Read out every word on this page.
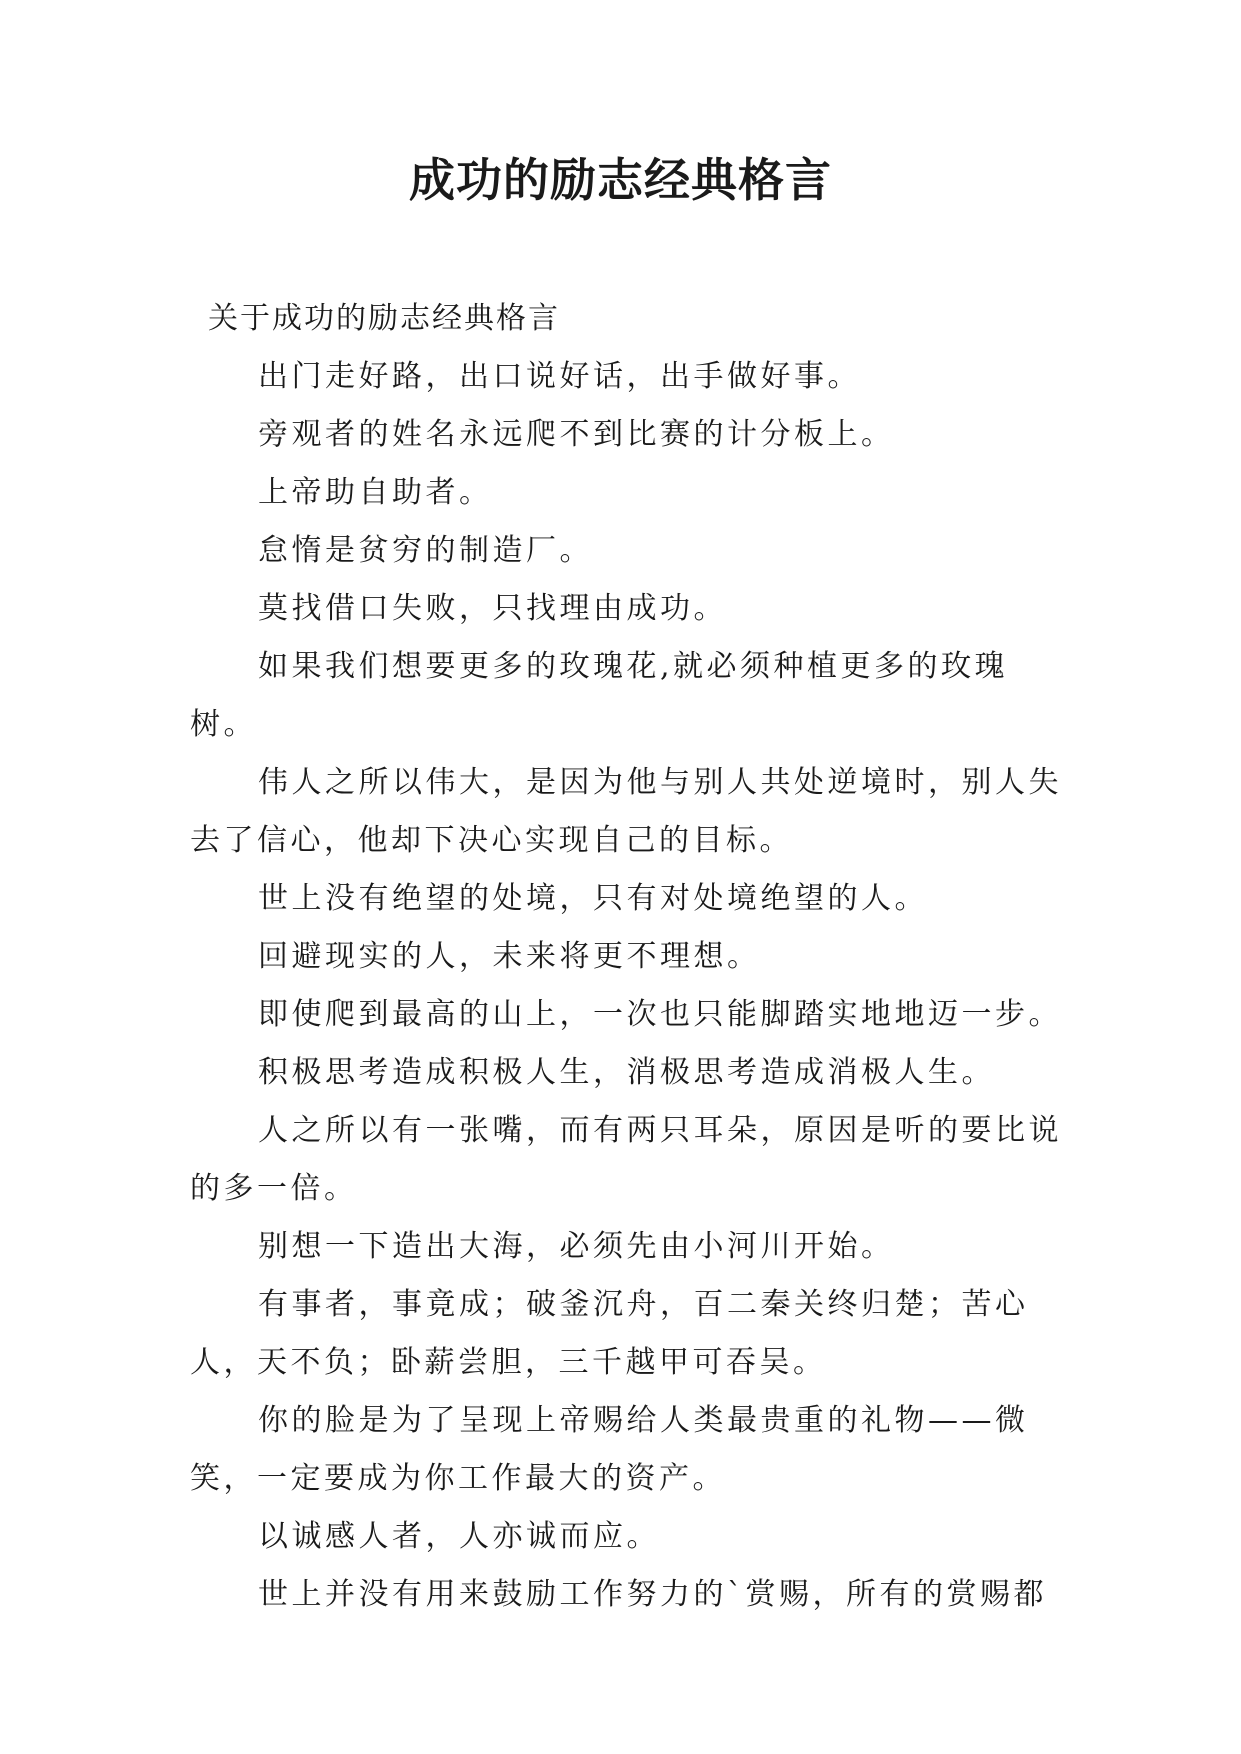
成功的励志经典格言

关于成功的励志经典格言

出门走好路，出口说好话，出手做好事。

旁观者的姓名永远爬不到比赛的计分板上。

上帝助自助者。

怠惰是贫穷的制造厂。

莫找借口失败，只找理由成功。

如果我们想要更多的玫瑰花,就必须种植更多的玫瑰树。

伟人之所以伟大，是因为他与别人共处逆境时，别人失去了信心，他却下决心实现自己的目标。

世上没有绝望的处境，只有对处境绝望的人。

回避现实的人，未来将更不理想。

即使爬到最高的山上，一次也只能脚踏实地地迈一步。

积极思考造成积极人生，消极思考造成消极人生。

人之所以有一张嘴，而有两只耳朵，原因是听的要比说的多一倍。

别想一下造出大海，必须先由小河川开始。

有事者，事竟成；破釜沉舟，百二秦关终归楚；苦心人，天不负；卧薪尝胆，三千越甲可吞吴。

你的脸是为了呈现上帝赐给人类最贵重的礼物——微笑，一定要成为你工作最大的资产。

以诚感人者，人亦诚而应。

世上并没有用来鼓励工作努力的`赏赐，所有的赏赐都
